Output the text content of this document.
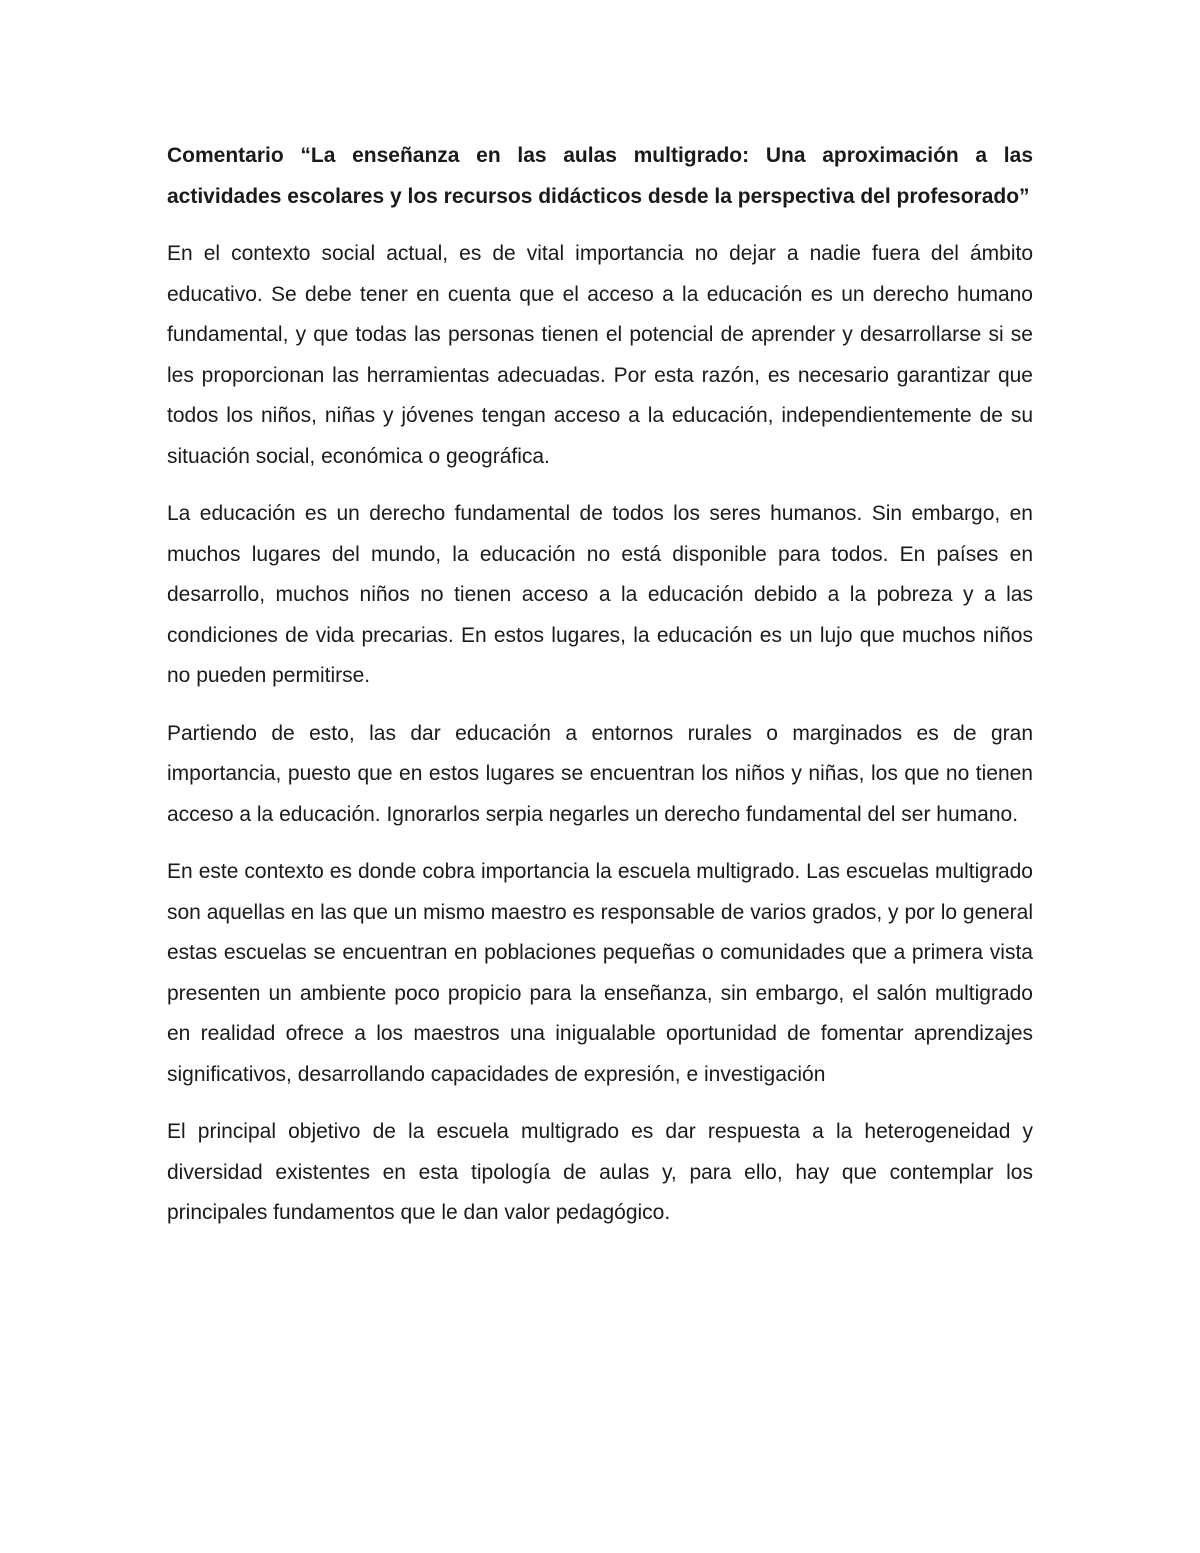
Comentario “La enseñanza en las aulas multigrado: Una aproximación a las actividades escolares y los recursos didácticos desde la perspectiva del profesorado”

En el contexto social actual, es de vital importancia no dejar a nadie fuera del ámbito educativo. Se debe tener en cuenta que el acceso a la educación es un derecho humano fundamental, y que todas las personas tienen el potencial de aprender y desarrollarse si se les proporcionan las herramientas adecuadas. Por esta razón, es necesario garantizar que todos los niños, niñas y jóvenes tengan acceso a la educación, independientemente de su situación social, económica o geográfica.

La educación es un derecho fundamental de todos los seres humanos. Sin embargo, en muchos lugares del mundo, la educación no está disponible para todos. En países en desarrollo, muchos niños no tienen acceso a la educación debido a la pobreza y a las condiciones de vida precarias. En estos lugares, la educación es un lujo que muchos niños no pueden permitirse.

Partiendo de esto, las dar educación a entornos rurales o marginados es de gran importancia, puesto que en estos lugares se encuentran los niños y niñas, los que no tienen acceso a la educación. Ignorarlos serpia negarles un derecho fundamental del ser humano.

En este contexto es donde cobra importancia la escuela multigrado. Las escuelas multigrado son aquellas en las que un mismo maestro es responsable de varios grados, y por lo general estas escuelas se encuentran en poblaciones pequeñas o comunidades que a primera vista presenten un ambiente poco propicio para la enseñanza, sin embargo, el salón multigrado en realidad ofrece a los maestros una inigualable oportunidad de fomentar aprendizajes significativos, desarrollando capacidades de expresión, e investigación

El principal objetivo de la escuela multigrado es dar respuesta a la heterogeneidad y diversidad existentes en esta tipología de aulas y, para ello, hay que contemplar los principales fundamentos que le dan valor pedagógico.
